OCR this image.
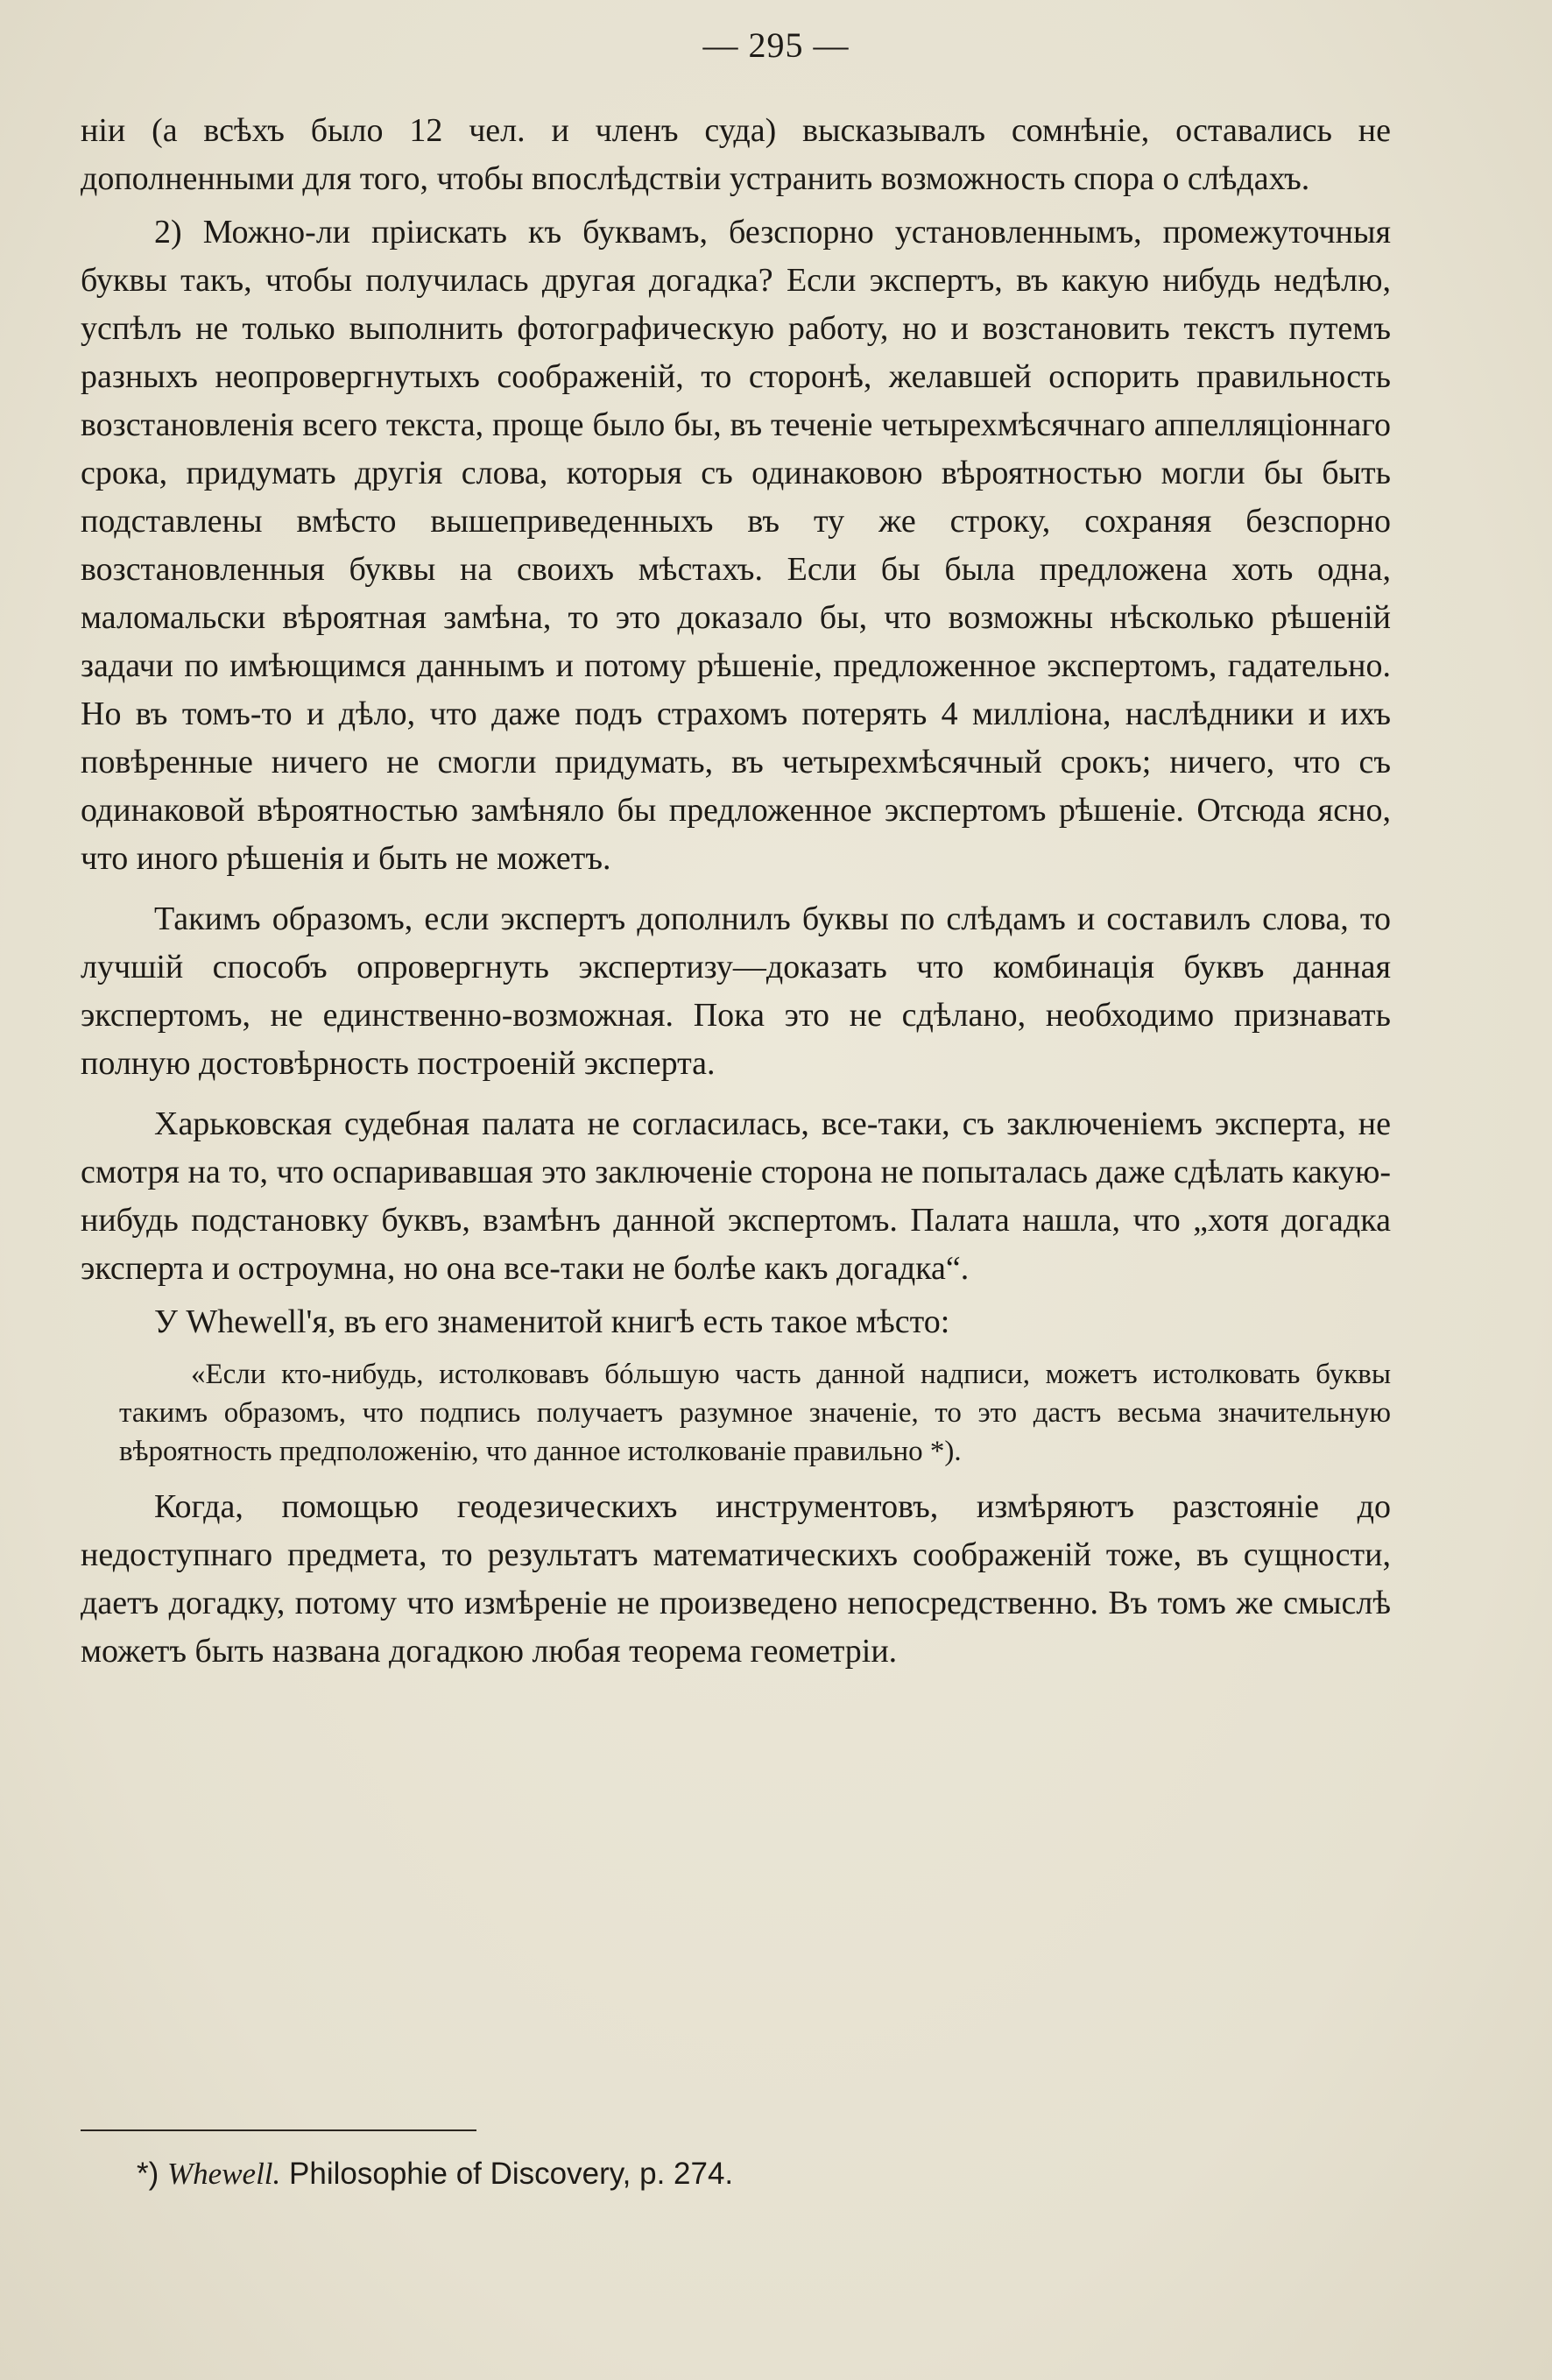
— 295 —

ніи (а всѣхъ было 12 чел. и членъ суда) высказывалъ сомнѣніе, оставались не дополненными для того, чтобы впослѣдствіи устранить возможность спора о слѣдахъ.

2) Можно-ли пріискать къ буквамъ, безспорно установленнымъ, промежуточныя буквы такъ, чтобы получилась другая догадка? Если экспертъ, въ какую нибудь недѣлю, успѣлъ не только выполнить фотографическую работу, но и возстановить текстъ путемъ разныхъ неопровергнутыхъ соображеній, то сторонѣ, желавшей оспорить правильность возстановленія всего текста, проще было бы, въ теченіе четырехмѣсячнаго аппелляціоннаго срока, придумать другія слова, которыя съ одинаковою вѣроятностью могли бы быть подставлены вмѣсто вышеприведенныхъ въ ту же строку, сохраняя безспорно возстановленныя буквы на своихъ мѣстахъ. Если бы была предложена хоть одна, маломальски вѣроятная замѣна, то это доказало бы, что возможны нѣсколько рѣшеній задачи по имѣющимся даннымъ и потому рѣшеніе, предложенное экспертомъ, гадательно. Но въ томъ-то и дѣло, что даже подъ страхомъ потерять 4 милліона, наслѣдники и ихъ повѣренные ничего не смогли придумать, въ четырехмѣсячный срокъ; ничего, что съ одинаковой вѣроятностью замѣняло бы предложенное экспертомъ рѣшеніе. Отсюда ясно, что иного рѣшенія и быть не можетъ.

Такимъ образомъ, если экспертъ дополнилъ буквы по слѣдамъ и составилъ слова, то лучшій способъ опровергнуть экспертизу—доказать что комбинація буквъ данная экспертомъ, не единственно-возможная. Пока это не сдѣлано, необходимо признавать полную достовѣрность построеній эксперта.

Харьковская судебная палата не согласилась, все-таки, съ заключеніемъ эксперта, не смотря на то, что оспаривавшая это заключеніе сторона не попыталась даже сдѣлать какую-нибудь подстановку буквъ, взамѣнъ данной экспертомъ. Палата нашла, что „хотя догадка эксперта и остроумна, но она все-таки не болѣе какъ догадка“.

У Whewell'я, въ его знаменитой книгѣ есть такое мѣсто:

«Если кто-нибудь, истолковавъ бóльшую часть данной надписи, можетъ истолковать буквы такимъ образомъ, что подпись получаетъ разумное значеніе, то это дастъ весьма значительную вѣроятность предположенію, что данное истолкованіе правильно *).

Когда, помощью геодезическихъ инструментовъ, измѣряютъ разстояніе до недоступнаго предмета, то результатъ математическихъ соображеній тоже, въ сущности, даетъ догадку, потому что измѣреніе не произведено непосредственно. Въ томъ же смыслѣ можетъ быть названа догадкою любая теорема геометріи.

*) Whewell. Philosophie of Discovery, p. 274.
